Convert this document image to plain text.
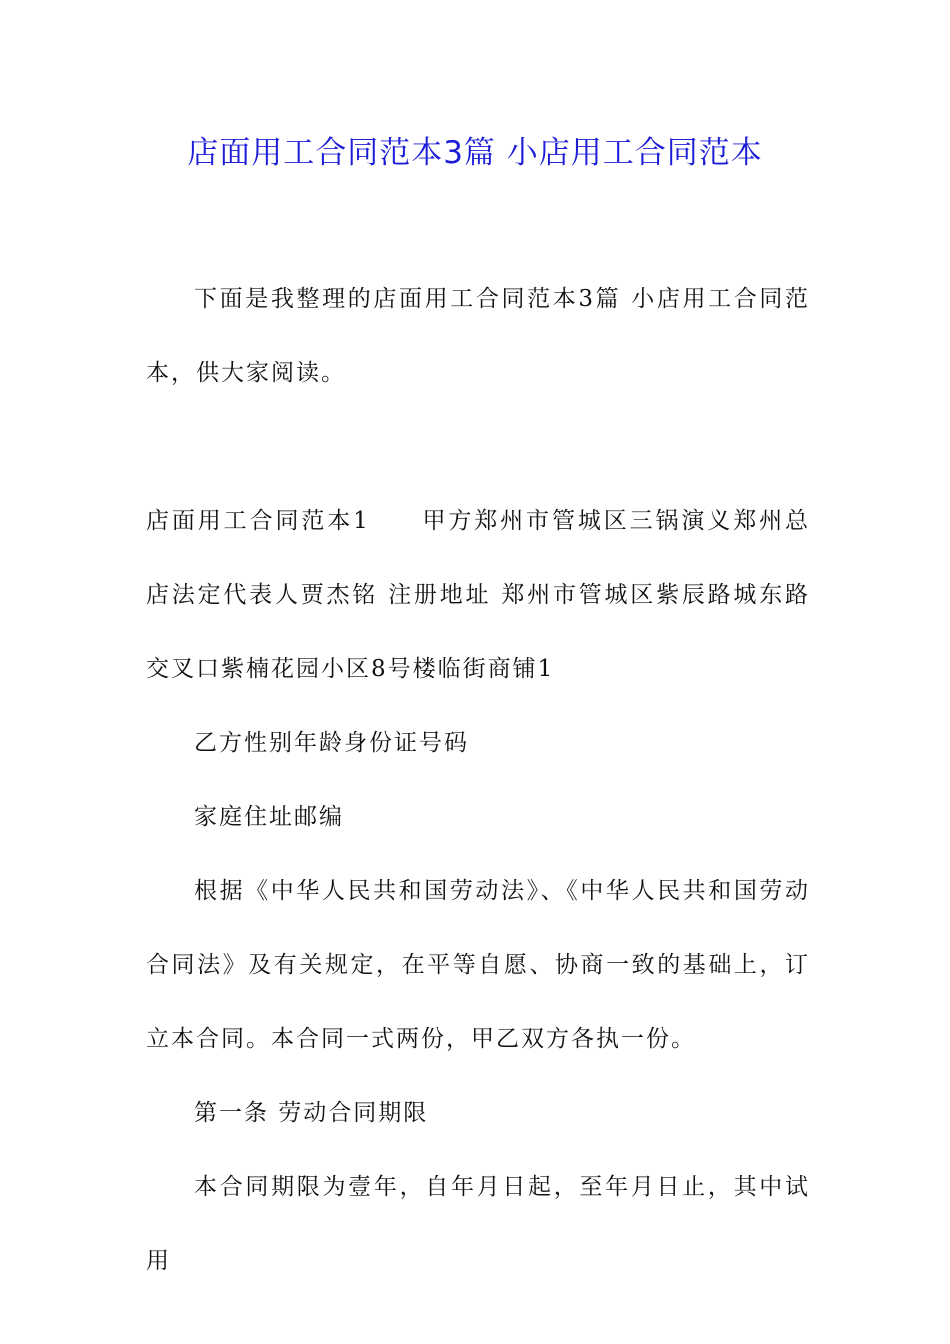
店面用工合同范本3篇 小店用工合同范本

下面是我整理的店面用工合同范本3篇 小店用工合同范本，供大家阅读。

店面用工合同范本1　　甲方郑州市管城区三锅演义郑州总店法定代表人贾杰铭 注册地址 郑州市管城区紫辰路城东路交叉口紫楠花园小区8号楼临街商铺1

乙方性别年龄身份证号码

家庭住址邮编

根据《中华人民共和国劳动法》、《中华人民共和国劳动合同法》及有关规定，在平等自愿、协商一致的基础上，订立本合同。本合同一式两份，甲乙双方各执一份。

第一条 劳动合同期限

本合同期限为壹年，自年月日起，至年月日止，其中试用
